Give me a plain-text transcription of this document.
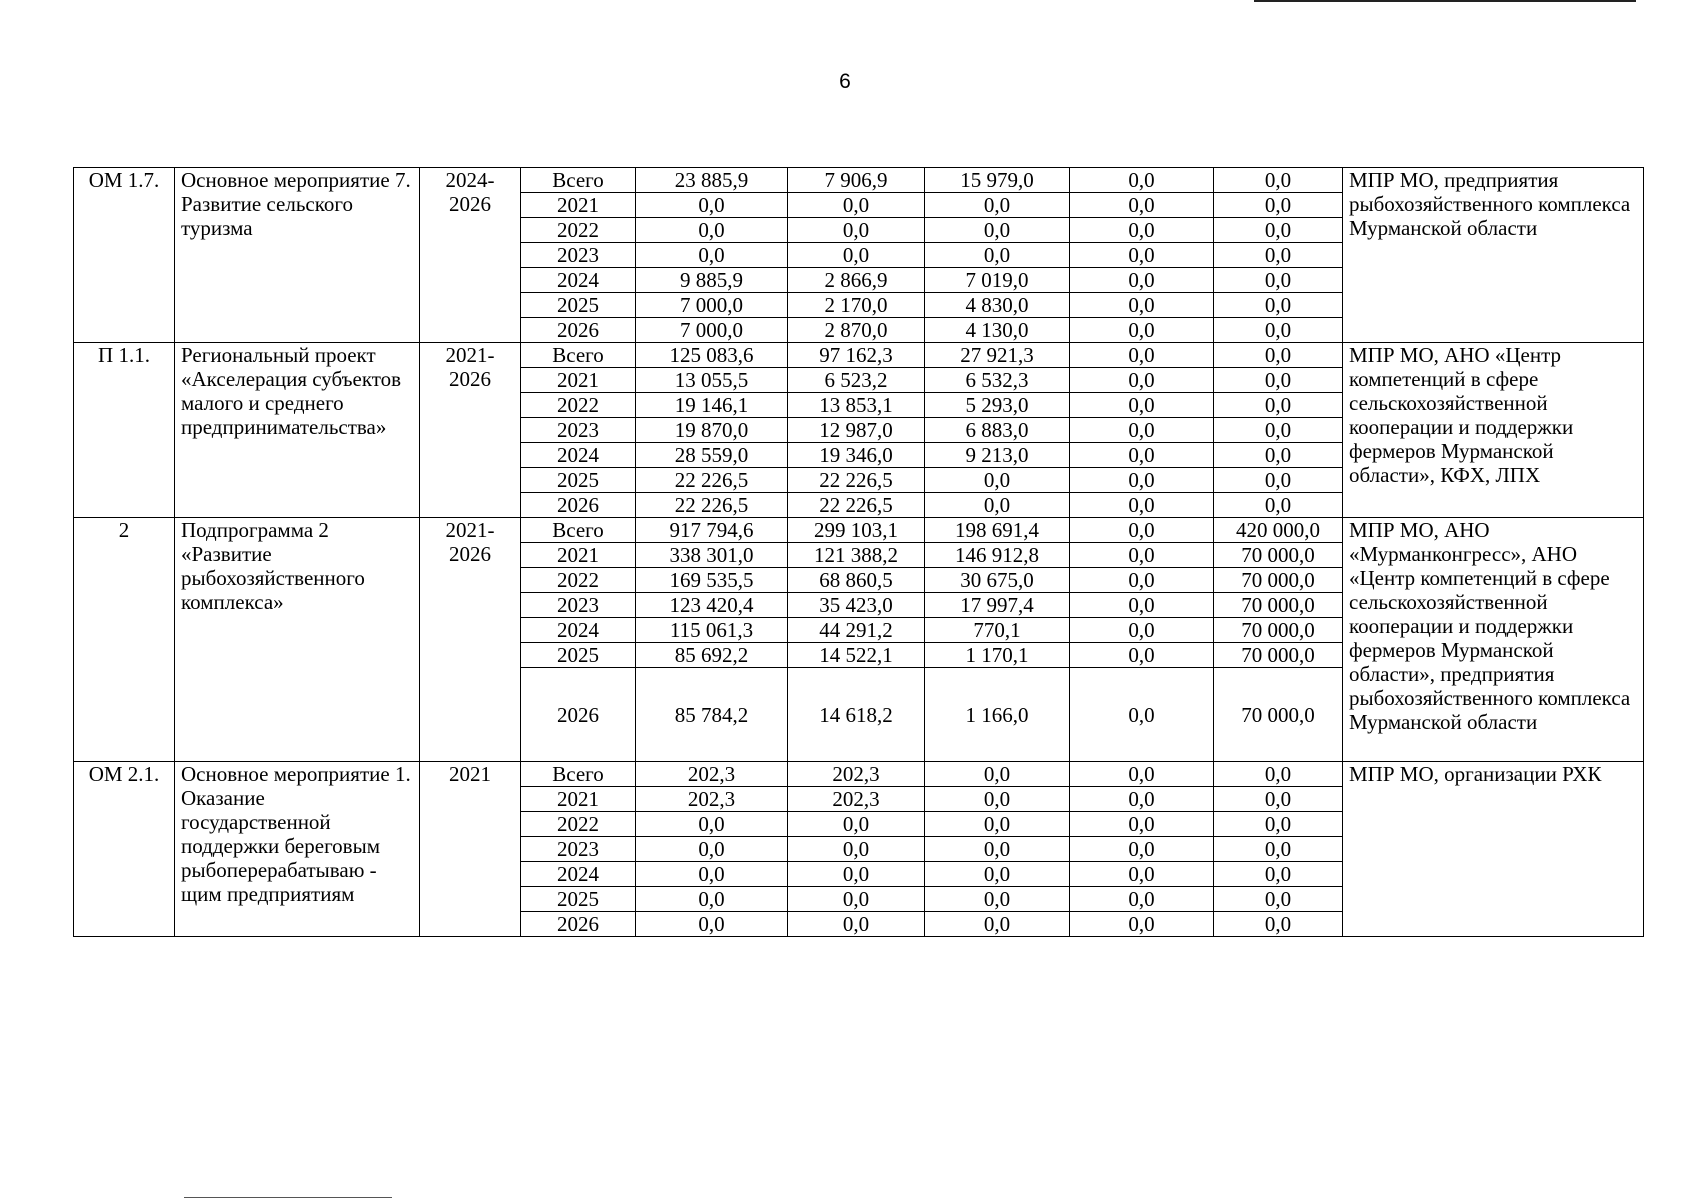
6
ОМ 1.7.	Основное мероприятие 7. Развитие сельского туризма	2024-2026	Всего	23 885,9	7 906,9	15 979,0	0,0	0,0	МПР МО, предприятия рыбохозяйственного комплекса Мурманской области
			2021	0,0	0,0	0,0	0,0	0,0	
			2022	0,0	0,0	0,0	0,0	0,0	
			2023	0,0	0,0	0,0	0,0	0,0	
			2024	9 885,9	2 866,9	7 019,0	0,0	0,0	
			2025	7 000,0	2 170,0	4 830,0	0,0	0,0	
			2026	7 000,0	2 870,0	4 130,0	0,0	0,0	
П 1.1.	Региональный проект «Акселерация субъектов малого и среднего предпринимательства»	2021-2026	Всего	125 083,6	97 162,3	27 921,3	0,0	0,0	МПР МО, АНО «Центр компетенций в сфере сельскохозяйственной кооперации и поддержки фермеров Мурманской области», КФХ, ЛПХ
			2021	13 055,5	6 523,2	6 532,3	0,0	0,0	
			2022	19 146,1	13 853,1	5 293,0	0,0	0,0	
			2023	19 870,0	12 987,0	6 883,0	0,0	0,0	
			2024	28 559,0	19 346,0	9 213,0	0,0	0,0	
			2025	22 226,5	22 226,5	0,0	0,0	0,0	
			2026	22 226,5	22 226,5	0,0	0,0	0,0	
2	Подпрограмма 2 «Развитие рыбохозяйственного комплекса»	2021-2026	Всего	917 794,6	299 103,1	198 691,4	0,0	420 000,0	МПР МО, АНО «Мурманконгресс», АНО «Центр компетенций в сфере сельскохозяйственной кооперации и поддержки фермеров Мурманской области», предприятия рыбохозяйственного комплекса Мурманской области
			2021	338 301,0	121 388,2	146 912,8	0,0	70 000,0	
			2022	169 535,5	68 860,5	30 675,0	0,0	70 000,0	
			2023	123 420,4	35 423,0	17 997,4	0,0	70 000,0	
			2024	115 061,3	44 291,2	770,1	0,0	70 000,0	
			2025	85 692,2	14 522,1	1 170,1	0,0	70 000,0	
			2026	85 784,2	14 618,2	1 166,0	0,0	70 000,0	
ОМ 2.1.	Основное мероприятие 1. Оказание государственной поддержки береговым рыбоперерабатываю - щим предприятиям	2021	Всего	202,3	202,3	0,0	0,0	0,0	МПР МО, организации РХК
			2021	202,3	202,3	0,0	0,0	0,0	
			2022	0,0	0,0	0,0	0,0	0,0	
			2023	0,0	0,0	0,0	0,0	0,0	
			2024	0,0	0,0	0,0	0,0	0,0	
			2025	0,0	0,0	0,0	0,0	0,0	
			2026	0,0	0,0	0,0	0,0	0,0	
